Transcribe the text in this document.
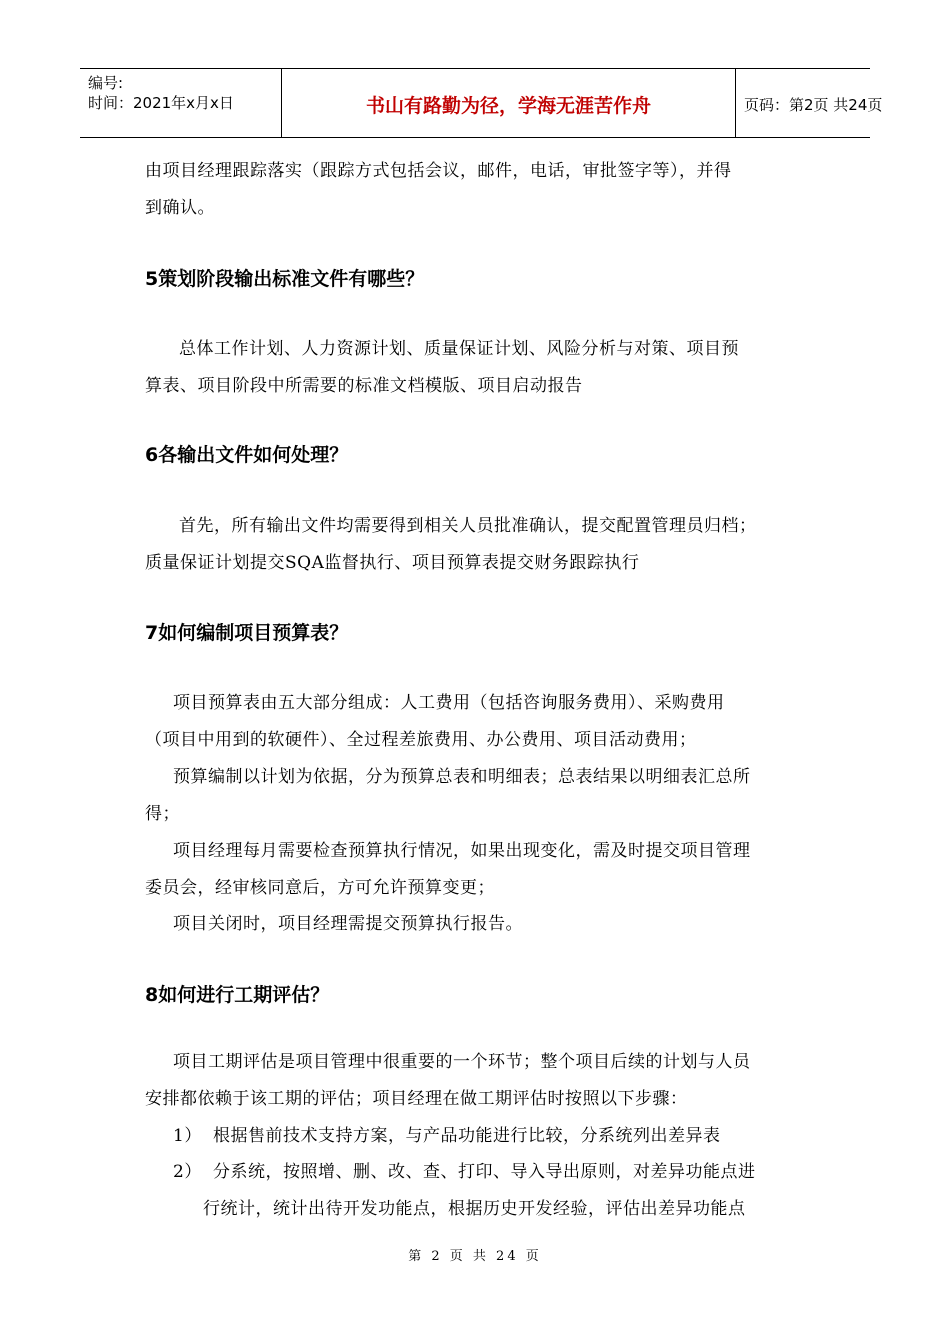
编号:
时间：2021年x月x日	书山有路勤为径，学海无涯苦作舟	页码：第2页 共24页
由项目经理跟踪落实（跟踪方式包括会议，邮件，电话，审批签字等），并得
到确认。
5策划阶段输出标准文件有哪些？
总体工作计划、人力资源计划、质量保证计划、风险分析与对策、项目预
算表、项目阶段中所需要的标准文档模版、项目启动报告
6各输出文件如何处理？
首先，所有输出文件均需要得到相关人员批准确认，提交配置管理员归档；
质量保证计划提交SQA监督执行、项目预算表提交财务跟踪执行
7如何编制项目预算表？
项目预算表由五大部分组成：人工费用（包括咨询服务费用）、采购费用
（项目中用到的软硬件）、全过程差旅费用、办公费用、项目活动费用；
预算编制以计划为依据，分为预算总表和明细表；总表结果以明细表汇总所
得；
项目经理每月需要检查预算执行情况，如果出现变化，需及时提交项目管理
委员会，经审核同意后，方可允许预算变更；
项目关闭时，项目经理需提交预算执行报告。
8如何进行工期评估？
项目工期评估是项目管理中很重要的一个环节；整个项目后续的计划与人员
安排都依赖于该工期的评估；项目经理在做工期评估时按照以下步骤：
1） 根据售前技术支持方案，与产品功能进行比较，分系统列出差异表
2） 分系统，按照增、删、改、查、打印、导入导出原则，对差异功能点进
行统计，统计出待开发功能点，根据历史开发经验，评估出差异功能点
第 2 页 共 24 页
